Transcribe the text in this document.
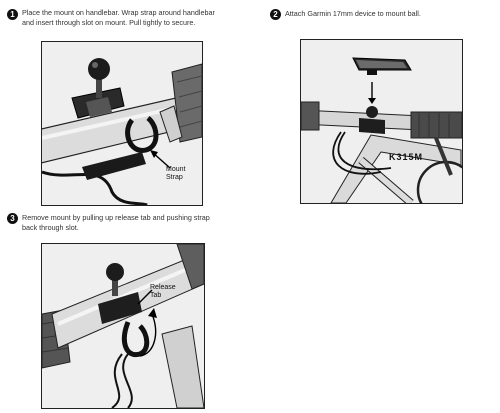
1	Place the mount on handlebar. Wrap strap around handlebar
and insert through slot on mount. Pull tightly to secure.
Mount
Strap
2	Attach Garmin 17mm device to mount ball.
K315M
3	Remove mount by pulling up release tab and pushing strap
back through slot.
Release
Tab
